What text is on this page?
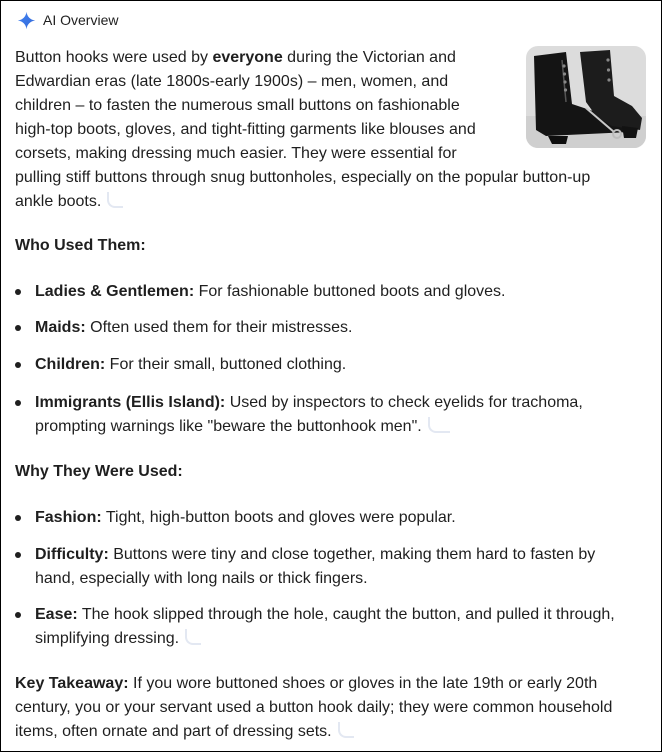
AI Overview

Button hooks were used by everyone during the Victorian and
Edwardian eras (late 1800s-early 1900s) – men, women, and
children – to fasten the numerous small buttons on fashionable
high-top boots, gloves, and tight-fitting garments like blouses and
corsets, making dressing much easier. They were essential for
pulling stiff buttons through snug buttonholes, especially on the popular button-up
ankle boots.

Who Used Them:
Ladies & Gentlemen: For fashionable buttoned boots and gloves.
Maids: Often used them for their mistresses.
Children: For their small, buttoned clothing.
Immigrants (Ellis Island): Used by inspectors to check eyelids for trachoma,
prompting warnings like "beware the buttonhook men".
Why They Were Used:
Fashion: Tight, high-button boots and gloves were popular.
Difficulty: Buttons were tiny and close together, making them hard to fasten by
hand, especially with long nails or thick fingers.
Ease: The hook slipped through the hole, caught the button, and pulled it through,
simplifying dressing.

Key Takeaway: If you wore buttoned shoes or gloves in the late 19th or early 20th
century, you or your servant used a button hook daily; they were common household
items, often ornate and part of dressing sets.
